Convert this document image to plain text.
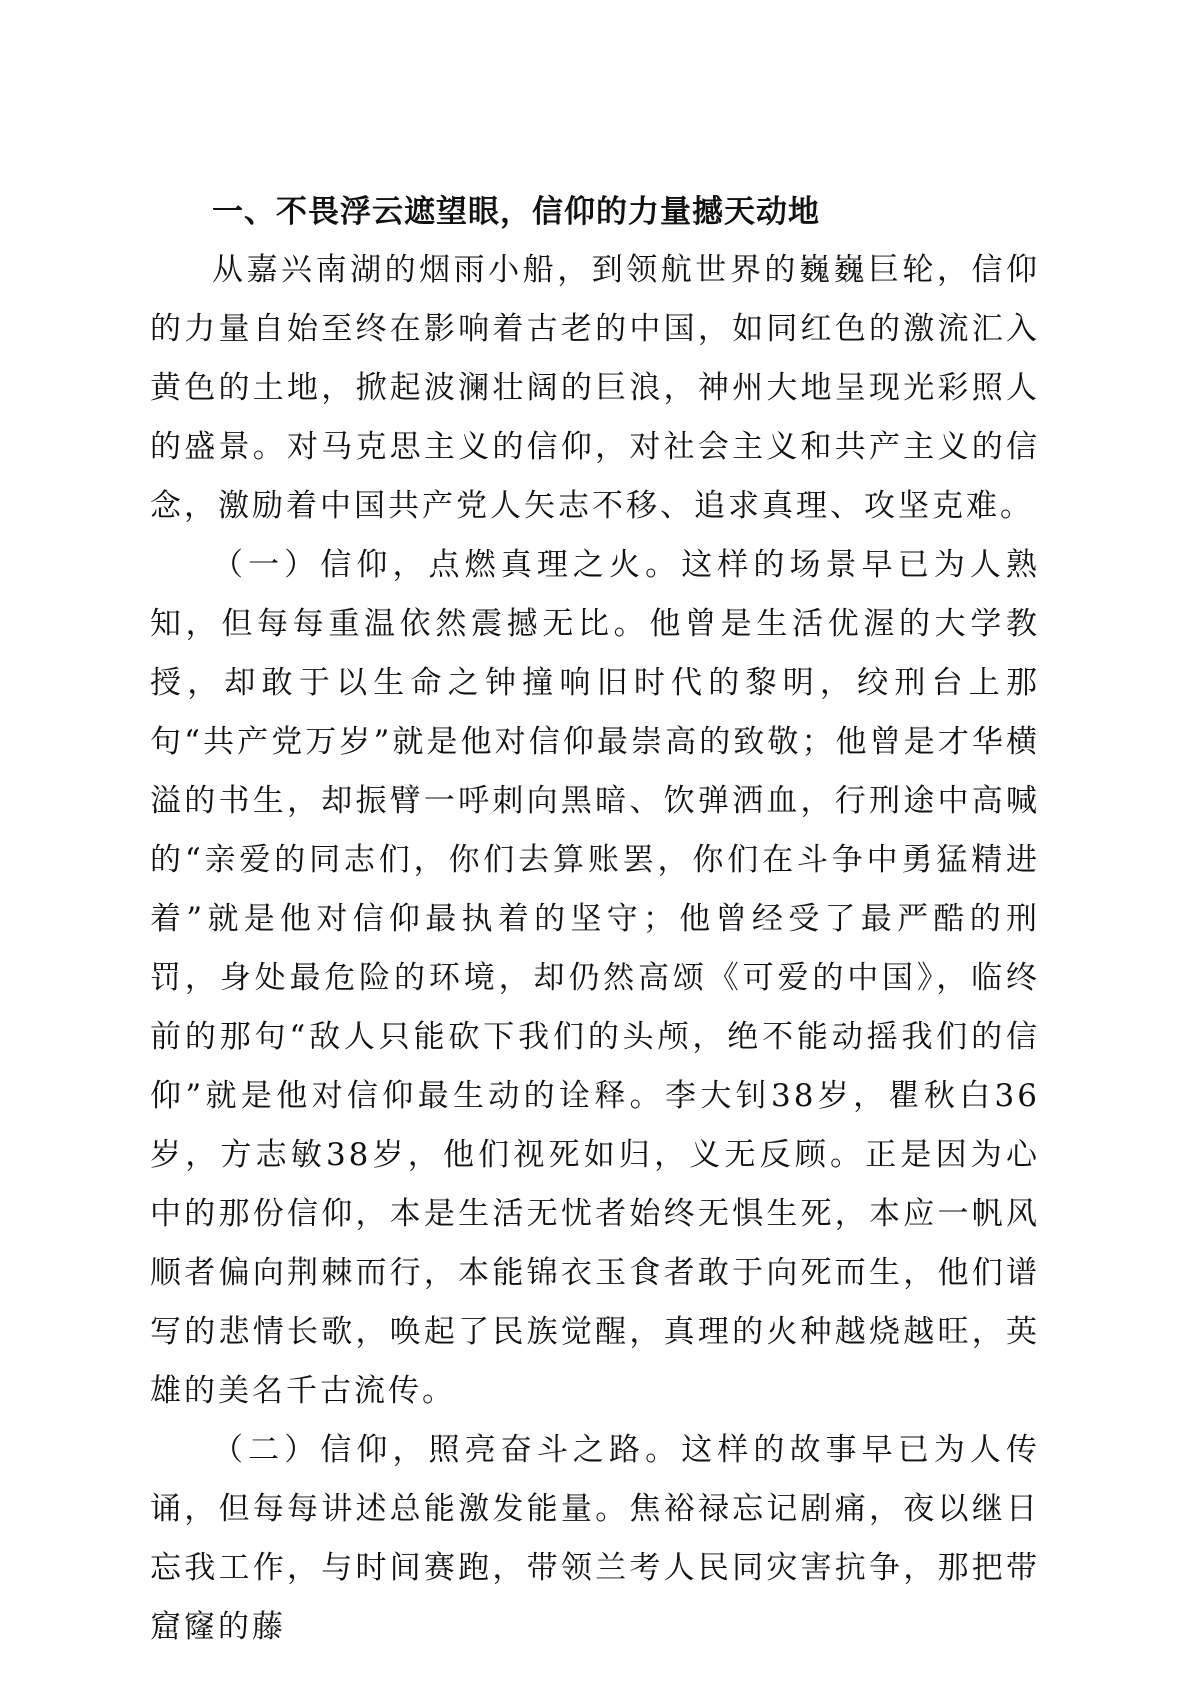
一、不畏浮云遮望眼，信仰的力量撼天动地

从嘉兴南湖的烟雨小船，到领航世界的巍巍巨轮，信仰的力量自始至终在影响着古老的中国，如同红色的激流汇入黄色的土地，掀起波澜壮阔的巨浪，神州大地呈现光彩照人的盛景。对马克思主义的信仰，对社会主义和共产主义的信念，激励着中国共产党人矢志不移、追求真理、攻坚克难。

（一）信仰，点燃真理之火。这样的场景早已为人熟知，但每每重温依然震撼无比。他曾是生活优渥的大学教授，却敢于以生命之钟撞响旧时代的黎明，绞刑台上那句“共产党万岁”就是他对信仰最崇高的致敬；他曾是才华横溢的书生，却振臂一呼刺向黑暗、饮弹洒血，行刑途中高喊的“亲爱的同志们，你们去算账罢，你们在斗争中勇猛精进着”就是他对信仰最执着的坚守；他曾经受了最严酷的刑罚，身处最危险的环境，却仍然高颂《可爱的中国》，临终前的那句“敌人只能砍下我们的头颅，绝不能动摇我们的信仰”就是他对信仰最生动的诠释。李大钊38岁，瞿秋白36岁，方志敏38岁，他们视死如归，义无反顾。正是因为心中的那份信仰，本是生活无忧者始终无惧生死，本应一帆风顺者偏向荆棘而行，本能锦衣玉食者敢于向死而生，他们谱写的悲情长歌，唤起了民族觉醒，真理的火种越烧越旺，英雄的美名千古流传。

（二）信仰，照亮奋斗之路。这样的故事早已为人传诵，但每每讲述总能激发能量。焦裕禄忘记剧痛，夜以继日忘我工作，与时间赛跑，带领兰考人民同灾害抗争，那把带窟窿的藤
